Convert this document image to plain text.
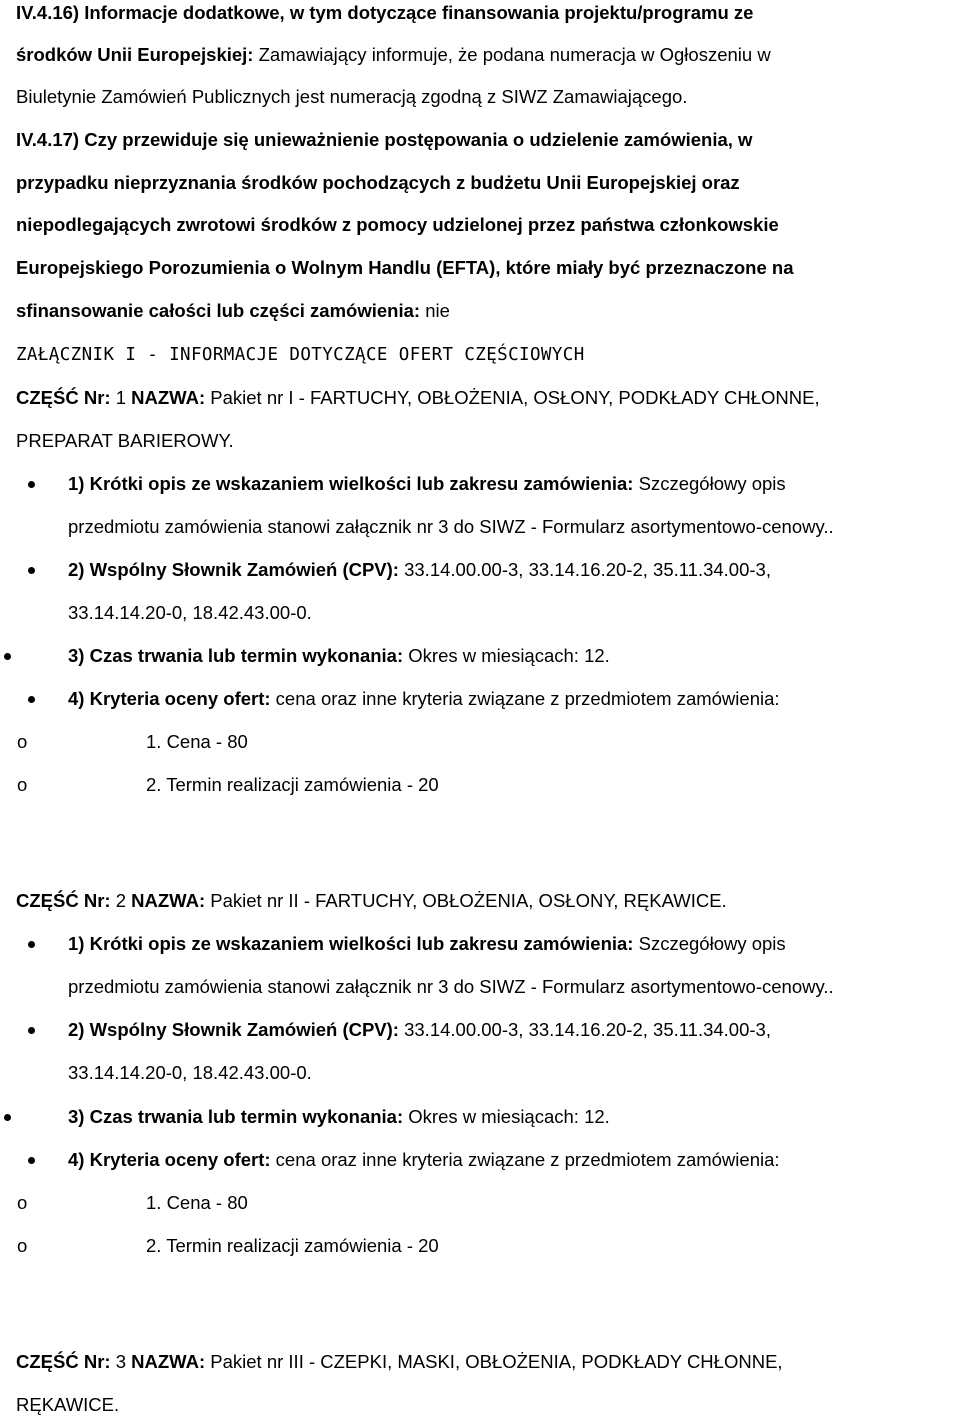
IV.4.16) Informacje dodatkowe, w tym dotyczące finansowania projektu/programu ze
środków Unii Europejskiej: Zamawiający informuje, że podana numeracja w Ogłoszeniu w
Biuletynie Zamówień Publicznych jest numeracją zgodną z SIWZ Zamawiającego.
IV.4.17) Czy przewiduje się unieważnienie postępowania o udzielenie zamówienia, w
przypadku nieprzyznania środków pochodzących z budżetu Unii Europejskiej oraz
niepodlegających zwrotowi środków z pomocy udzielonej przez państwa członkowskie
Europejskiego Porozumienia o Wolnym Handlu (EFTA), które miały być przeznaczone na
sfinansowanie całości lub części zamówienia: nie
ZAŁĄCZNIK I - INFORMACJE DOTYCZĄCE OFERT CZĘŚCIOWYCH
CZĘŚĆ Nr: 1 NAZWA: Pakiet nr I - FARTUCHY, OBŁOŻENIA, OSŁONY, PODKŁADY CHŁONNE,
PREPARAT BARIEROWY.
1) Krótki opis ze wskazaniem wielkości lub zakresu zamówienia: Szczegółowy opis
przedmiotu zamówienia stanowi załącznik nr 3 do SIWZ - Formularz asortymentowo-cenowy..
2) Wspólny Słownik Zamówień (CPV): 33.14.00.00-3, 33.14.16.20-2, 35.11.34.00-3,
33.14.14.20-0, 18.42.43.00-0.
3) Czas trwania lub termin wykonania: Okres w miesiącach: 12.
4) Kryteria oceny ofert: cena oraz inne kryteria związane z przedmiotem zamówienia:
o	1. Cena - 80
o	2. Termin realizacji zamówienia - 20
CZĘŚĆ Nr: 2 NAZWA: Pakiet nr II - FARTUCHY, OBŁOŻENIA, OSŁONY, RĘKAWICE.
1) Krótki opis ze wskazaniem wielkości lub zakresu zamówienia: Szczegółowy opis
przedmiotu zamówienia stanowi załącznik nr 3 do SIWZ - Formularz asortymentowo-cenowy..
2) Wspólny Słownik Zamówień (CPV): 33.14.00.00-3, 33.14.16.20-2, 35.11.34.00-3,
33.14.14.20-0, 18.42.43.00-0.
3) Czas trwania lub termin wykonania: Okres w miesiącach: 12.
4) Kryteria oceny ofert: cena oraz inne kryteria związane z przedmiotem zamówienia:
o	1. Cena - 80
o	2. Termin realizacji zamówienia - 20
CZĘŚĆ Nr: 3 NAZWA: Pakiet nr III - CZEPKI, MASKI, OBŁOŻENIA, PODKŁADY CHŁONNE,
RĘKAWICE.
